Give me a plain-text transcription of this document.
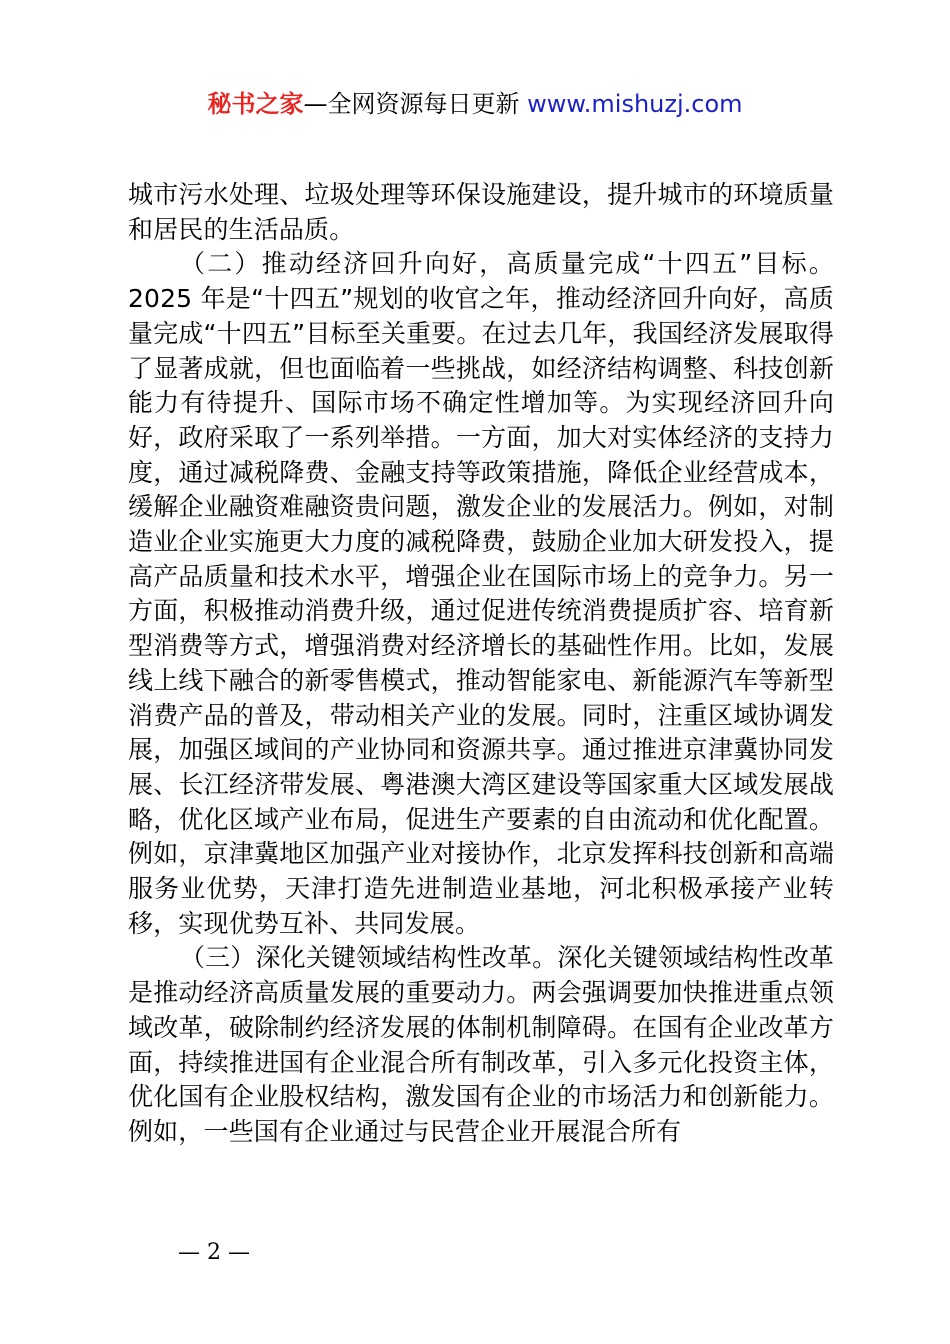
秘书之家—全网资源每日更新 www.mishuzj.com

城市污水处理、垃圾处理等环保设施建设，提升城市的环境质量和居民的生活品质。

（二）推动经济回升向好，高质量完成“十四五”目标。2025 年是“十四五”规划的收官之年，推动经济回升向好，高质量完成“十四五”目标至关重要。在过去几年，我国经济发展取得了显著成就，但也面临着一些挑战，如经济结构调整、科技创新能力有待提升、国际市场不确定性增加等。为实现经济回升向好，政府采取了一系列举措。一方面，加大对实体经济的支持力度，通过减税降费、金融支持等政策措施，降低企业经营成本，缓解企业融资难融资贵问题，激发企业的发展活力。例如，对制造业企业实施更大力度的减税降费，鼓励企业加大研发投入，提高产品质量和技术水平，增强企业在国际市场上的竞争力。另一方面，积极推动消费升级，通过促进传统消费提质扩容、培育新型消费等方式，增强消费对经济增长的基础性作用。比如，发展线上线下融合的新零售模式，推动智能家电、新能源汽车等新型消费产品的普及，带动相关产业的发展。同时，注重区域协调发展，加强区域间的产业协同和资源共享。通过推进京津冀协同发展、长江经济带发展、粤港澳大湾区建设等国家重大区域发展战略，优化区域产业布局，促进生产要素的自由流动和优化配置。例如，京津冀地区加强产业对接协作，北京发挥科技创新和高端服务业优势，天津打造先进制造业基地，河北积极承接产业转移，实现优势互补、共同发展。

（三）深化关键领域结构性改革。深化关键领域结构性改革是推动经济高质量发展的重要动力。两会强调要加快推进重点领域改革，破除制约经济发展的体制机制障碍。在国有企业改革方面，持续推进国有企业混合所有制改革，引入多元化投资主体，优化国有企业股权结构，激发国有企业的市场活力和创新能力。例如，一些国有企业通过与民营企业开展混合所有

— 2 —
